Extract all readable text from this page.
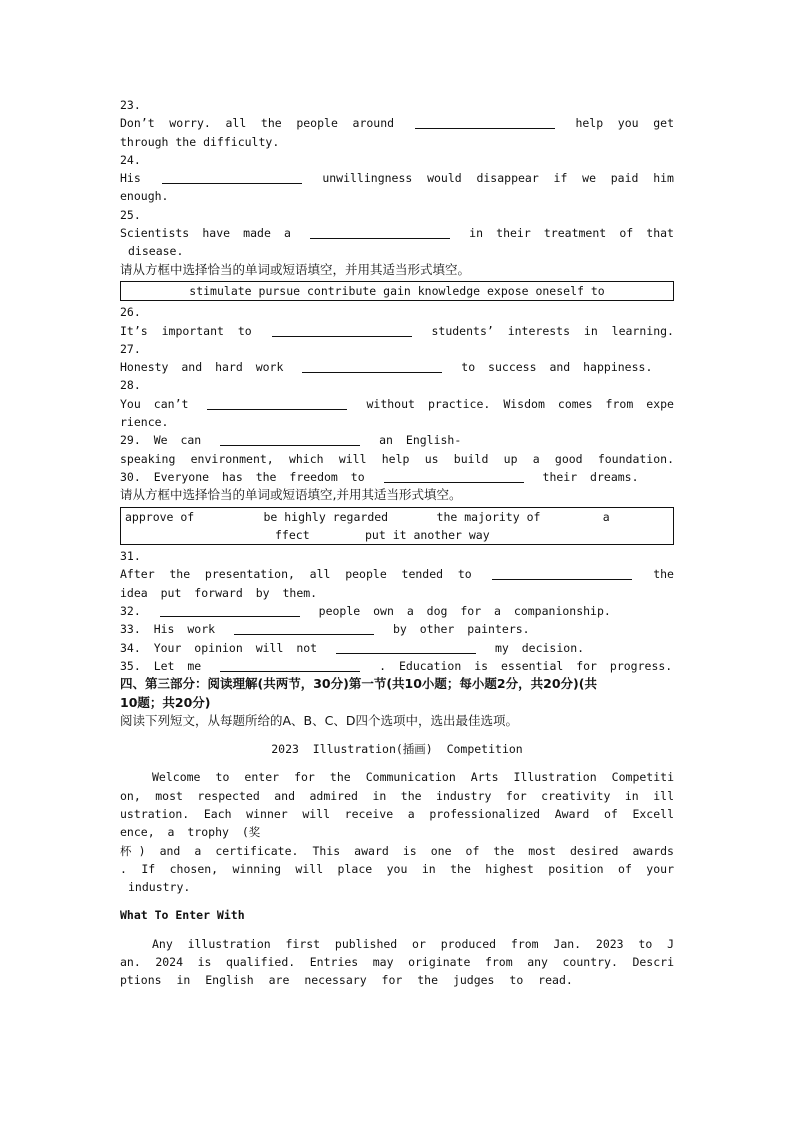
23.
Don’t worry. all the people around	help you get
through the difficulty.
24.
His	unwillingness would disappear if we paid him
enough.
25.
Scientists have made a	in their treatment of that
disease.
请从方框中选择恰当的单词或短语填空，并用其适当形式填空。
stimulate pursue contribute gain knowledge expose oneself to
26.
It’s important to	students’ interests in learning.
27.
Honesty and hard work	to success and happiness.
28.
You can’t	without practice. Wisdom comes from expe
rience.
29. We can	an English-
speaking environment, which will help us build up a good foundation.
30. Everyone has the freedom to	their dreams.
请从方框中选择恰当的单词或短语填空,并用其适当形式填空。
approve of          be highly regarded       the majority of         a
ffect        put it another way
31.
After the presentation, all people tended to	the
idea put forward by them.
32.	people own a dog for a companionship.
33. His work	by other painters.
34. Your opinion will not	my decision.
35. Let me	. Education is essential for progress.
四、第三部分：阅读理解(共两节，30分)第一节(共10小题；每小题2分，共20分)(共
10题；共20分)
阅读下列短文，从每题所给的A、B、C、D四个选项中，选出最佳选项。
2023  Illustration(插画)  Competition
Welcome to enter for the Communication Arts Illustration Competiti
on, most respected and admired in the industry for creativity in ill
ustration. Each winner will receive a professionalized Award of Excell
ence, a trophy (奖
杯) and a certificate. This award is one of the most desired awards
. If chosen, winning will place you in the highest position of your
industry.
What To Enter With
Any illustration first published or produced from Jan. 2023 to J
an. 2024 is qualified. Entries may originate from any country. Descri
ptions in English are necessary for the judges to read.
